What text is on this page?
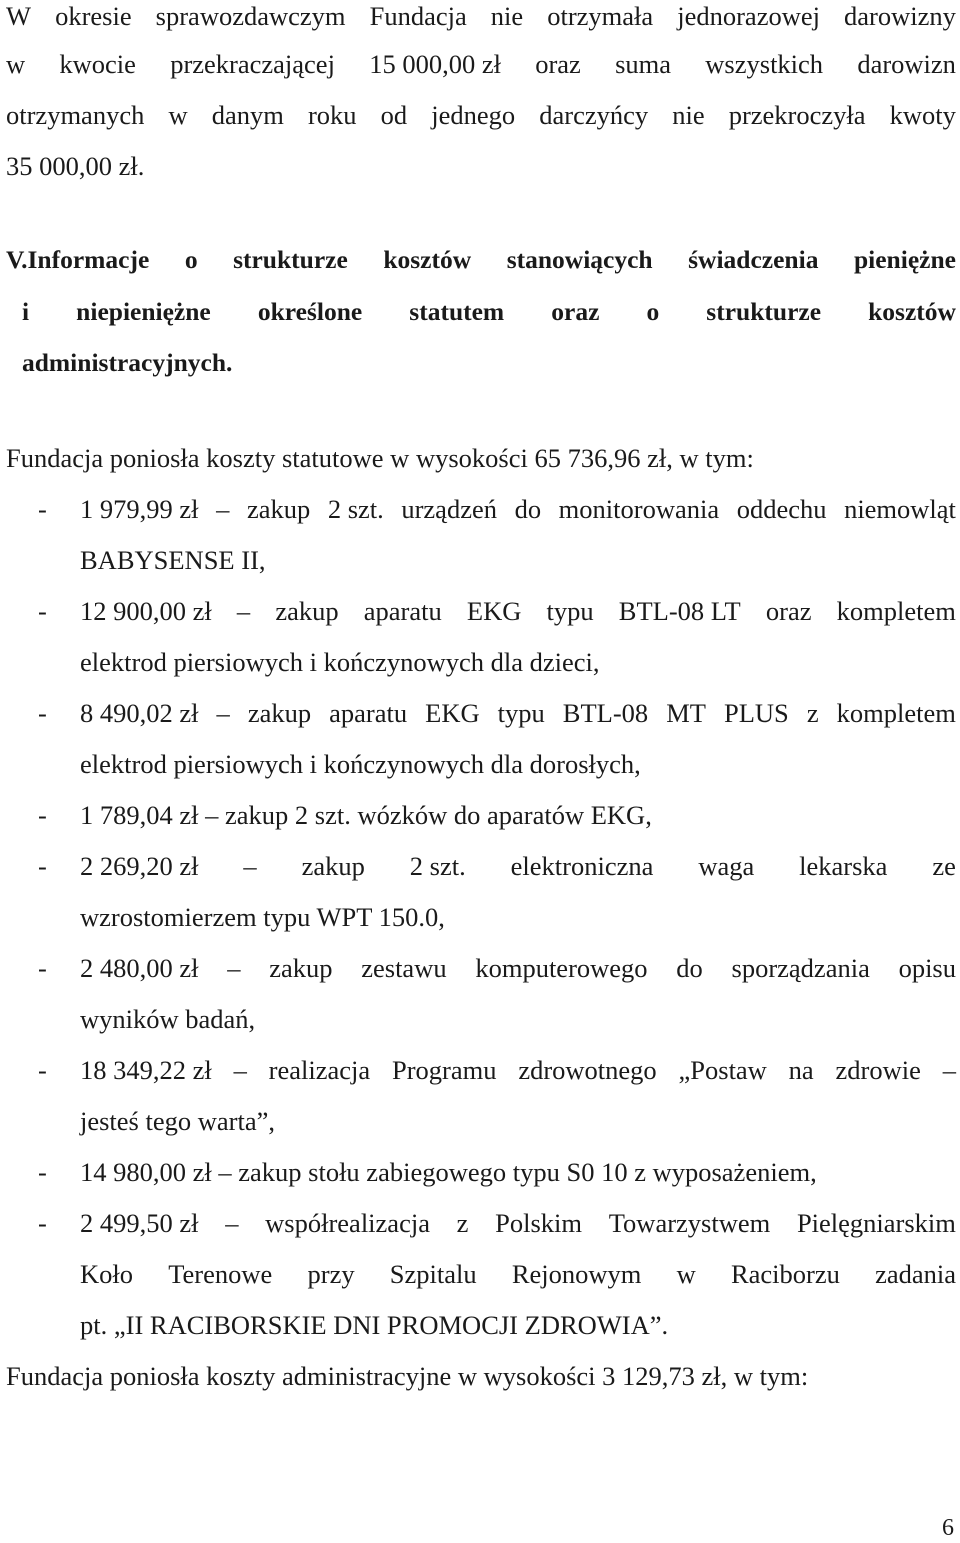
W okresie sprawozdawczym Fundacja nie otrzymała jednorazowej darowizny
w kwocie przekraczającej 15 000,00 zł oraz suma wszystkich darowizn
otrzymanych w danym roku od jednego darczyńcy nie przekroczyła kwoty
35 000,00 zł.
V.Informacje o strukturze kosztów stanowiących świadczenia pieniężne
i niepieniężne określone statutem oraz o strukturze kosztów
administracyjnych.
Fundacja poniosła koszty statutowe w wysokości 65 736,96 zł, w tym:
- 1 979,99 zł – zakup 2 szt. urządzeń do monitorowania oddechu niemowląt
BABYSENSE II,
- 12 900,00 zł – zakup aparatu EKG typu BTL-08 LT oraz kompletem
elektrod piersiowych i kończynowych dla dzieci,
- 8 490,02 zł – zakup aparatu EKG typu BTL-08 MT PLUS z kompletem
elektrod piersiowych i kończynowych dla dorosłych,
- 1 789,04 zł – zakup 2 szt. wózków do aparatów EKG,
- 2 269,20 zł – zakup 2 szt. elektroniczna waga lekarska ze
wzrostomierzem typu WPT 150.0,
- 2 480,00 zł – zakup zestawu komputerowego do sporządzania opisu
wyników badań,
- 18 349,22 zł – realizacja Programu zdrowotnego „Postaw na zdrowie –
jesteś tego warta”,
- 14 980,00 zł – zakup stołu zabiegowego typu S0 10 z wyposażeniem,
- 2 499,50 zł – współrealizacja z Polskim Towarzystwem Pielęgniarskim
Koło Terenowe przy Szpitalu Rejonowym w Raciborzu zadania
pt. „II RACIBORSKIE DNI PROMOCJI ZDROWIA”.
Fundacja poniosła koszty administracyjne w wysokości 3 129,73 zł, w tym:
6
